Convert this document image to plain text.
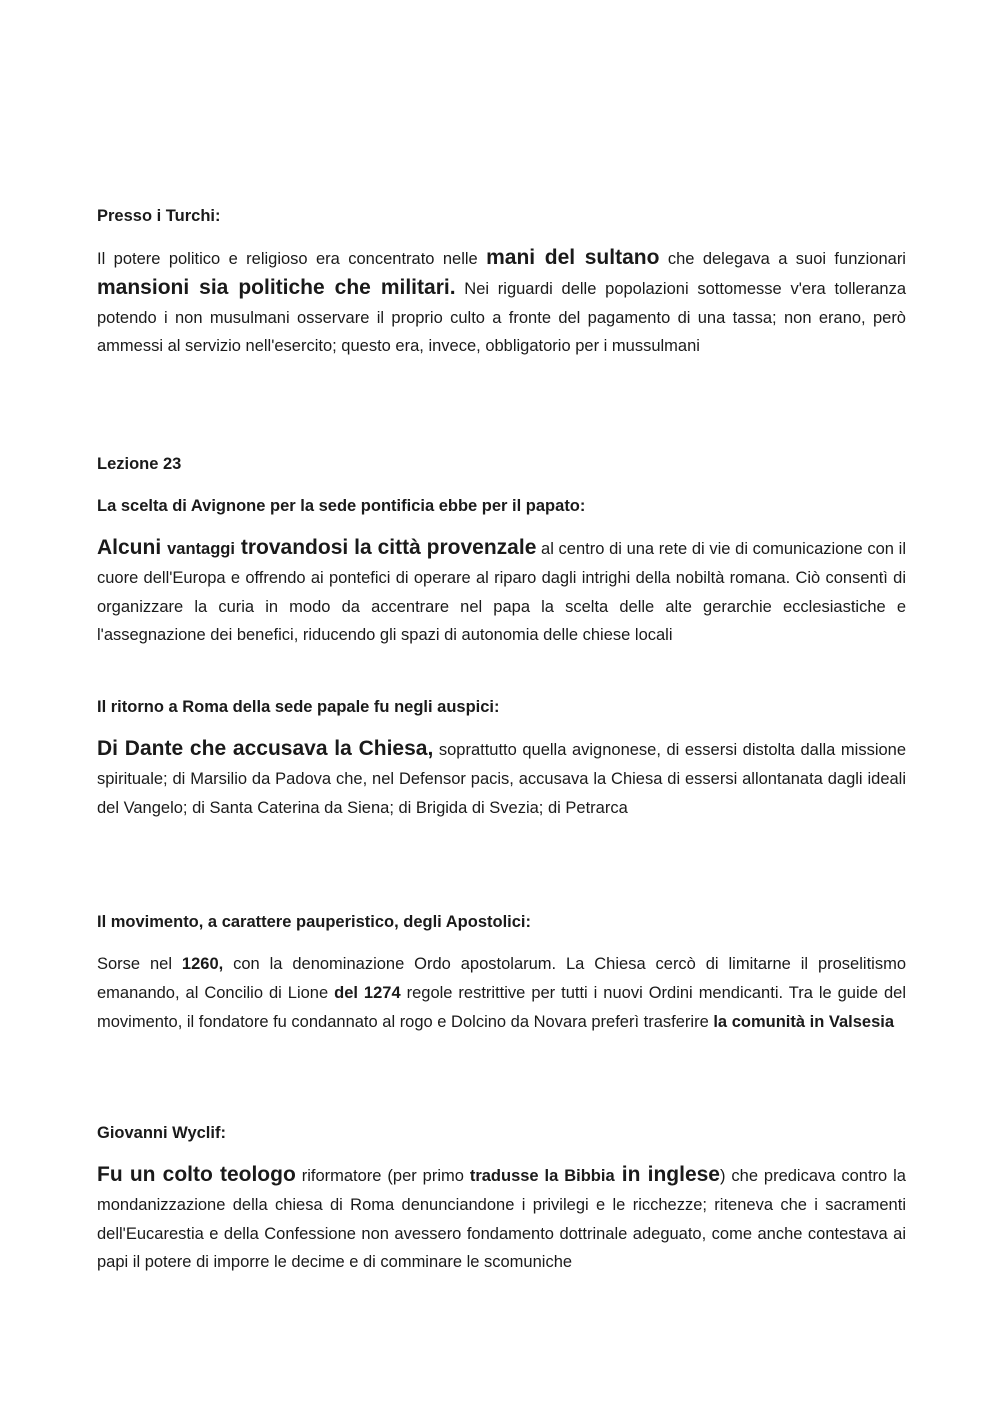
Presso i Turchi:
Il potere politico e religioso era concentrato nelle mani del sultano che delegava a suoi funzionari mansioni sia politiche che militari. Nei riguardi delle popolazioni sottomesse v'era tolleranza potendo i non musulmani osservare il proprio culto a fronte del pagamento di una tassa; non erano, però ammessi al servizio nell'esercito; questo era, invece, obbligatorio per i mussulmani
Lezione 23
La scelta di Avignone per la sede pontificia ebbe per il papato:
Alcuni vantaggi trovandosi la città provenzale al centro di una rete di vie di comunicazione con il cuore dell'Europa e offrendo ai pontefici di operare al riparo dagli intrighi della nobiltà romana. Ciò consentì di organizzare la curia in modo da accentrare nel papa la scelta delle alte gerarchie ecclesiastiche e l'assegnazione dei benefici, riducendo gli spazi di autonomia delle chiese locali
Il ritorno a Roma della sede papale fu negli auspici:
Di Dante che accusava la Chiesa, soprattutto quella avignonese, di essersi distolta dalla missione spirituale; di Marsilio da Padova che, nel Defensor pacis, accusava la Chiesa di essersi allontanata dagli ideali del Vangelo; di Santa Caterina da Siena; di Brigida di Svezia; di Petrarca
Il movimento, a carattere pauperistico, degli Apostolici:
Sorse nel 1260, con la denominazione Ordo apostolarum. La Chiesa cercò di limitarne il proselitismo emanando, al Concilio di Lione del 1274 regole restrittive per tutti i nuovi Ordini mendicanti. Tra le guide del movimento, il fondatore fu condannato al rogo e Dolcino da Novara preferì trasferire la comunità in Valsesia
Giovanni Wyclif:
Fu un colto teologo riformatore (per primo tradusse la Bibbia in inglese) che predicava contro la mondanizzazione della chiesa di Roma denunciandone i privilegi e le ricchezze; riteneva che i sacramenti dell'Eucarestia e della Confessione non avessero fondamento dottrinale adeguato, come anche contestava ai papi il potere di imporre le decime e di comminare le scomuniche
